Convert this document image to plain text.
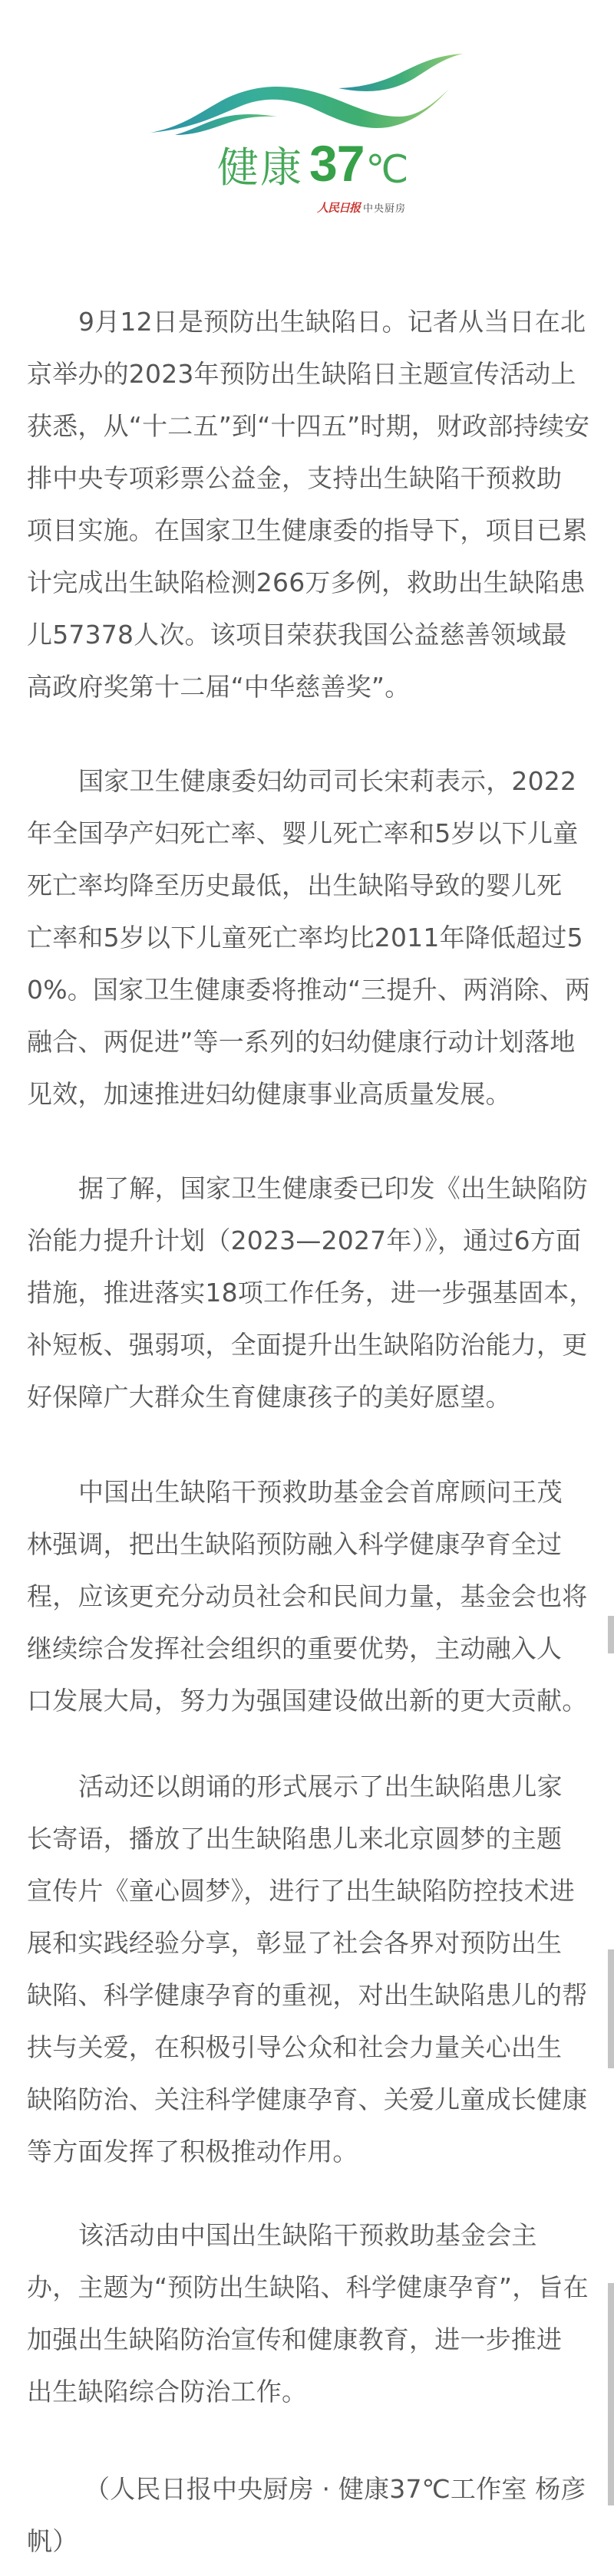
健康 37 ℃
人民日报 中央厨房
9月12日是预防出生缺陷日。记者从当日在北
京举办的2023年预防出生缺陷日主题宣传活动上
获悉，从“十二五”到“十四五”时期，财政部持续安
排中央专项彩票公益金，支持出生缺陷干预救助
项目实施。在国家卫生健康委的指导下，项目已累
计完成出生缺陷检测266万多例，救助出生缺陷患
儿57378人次。该项目荣获我国公益慈善领域最
高政府奖第十二届“中华慈善奖”。
国家卫生健康委妇幼司司长宋莉表示，2022
年全国孕产妇死亡率、婴儿死亡率和5岁以下儿童
死亡率均降至历史最低，出生缺陷导致的婴儿死
亡率和5岁以下儿童死亡率均比2011年降低超过5
0%。国家卫生健康委将推动“三提升、两消除、两
融合、两促进”等一系列的妇幼健康行动计划落地
见效，加速推进妇幼健康事业高质量发展。
据了解，国家卫生健康委已印发《出生缺陷防
治能力提升计划（2023—2027年）》，通过6方面
措施，推进落实18项工作任务，进一步强基固本，
补短板、强弱项，全面提升出生缺陷防治能力，更
好保障广大群众生育健康孩子的美好愿望。
中国出生缺陷干预救助基金会首席顾问王茂
林强调，把出生缺陷预防融入科学健康孕育全过
程，应该更充分动员社会和民间力量，基金会也将
继续综合发挥社会组织的重要优势，主动融入人
口发展大局，努力为强国建设做出新的更大贡献。
活动还以朗诵的形式展示了出生缺陷患儿家
长寄语，播放了出生缺陷患儿来北京圆梦的主题
宣传片《童心圆梦》，进行了出生缺陷防控技术进
展和实践经验分享，彰显了社会各界对预防出生
缺陷、科学健康孕育的重视，对出生缺陷患儿的帮
扶与关爱，在积极引导公众和社会力量关心出生
缺陷防治、关注科学健康孕育、关爱儿童成长健康
等方面发挥了积极推动作用。
该活动由中国出生缺陷干预救助基金会主
办，主题为“预防出生缺陷、科学健康孕育”，旨在
加强出生缺陷防治宣传和健康教育，进一步推进
出生缺陷综合防治工作。
（人民日报中央厨房 · 健康37℃工作室 杨彦
帆）
